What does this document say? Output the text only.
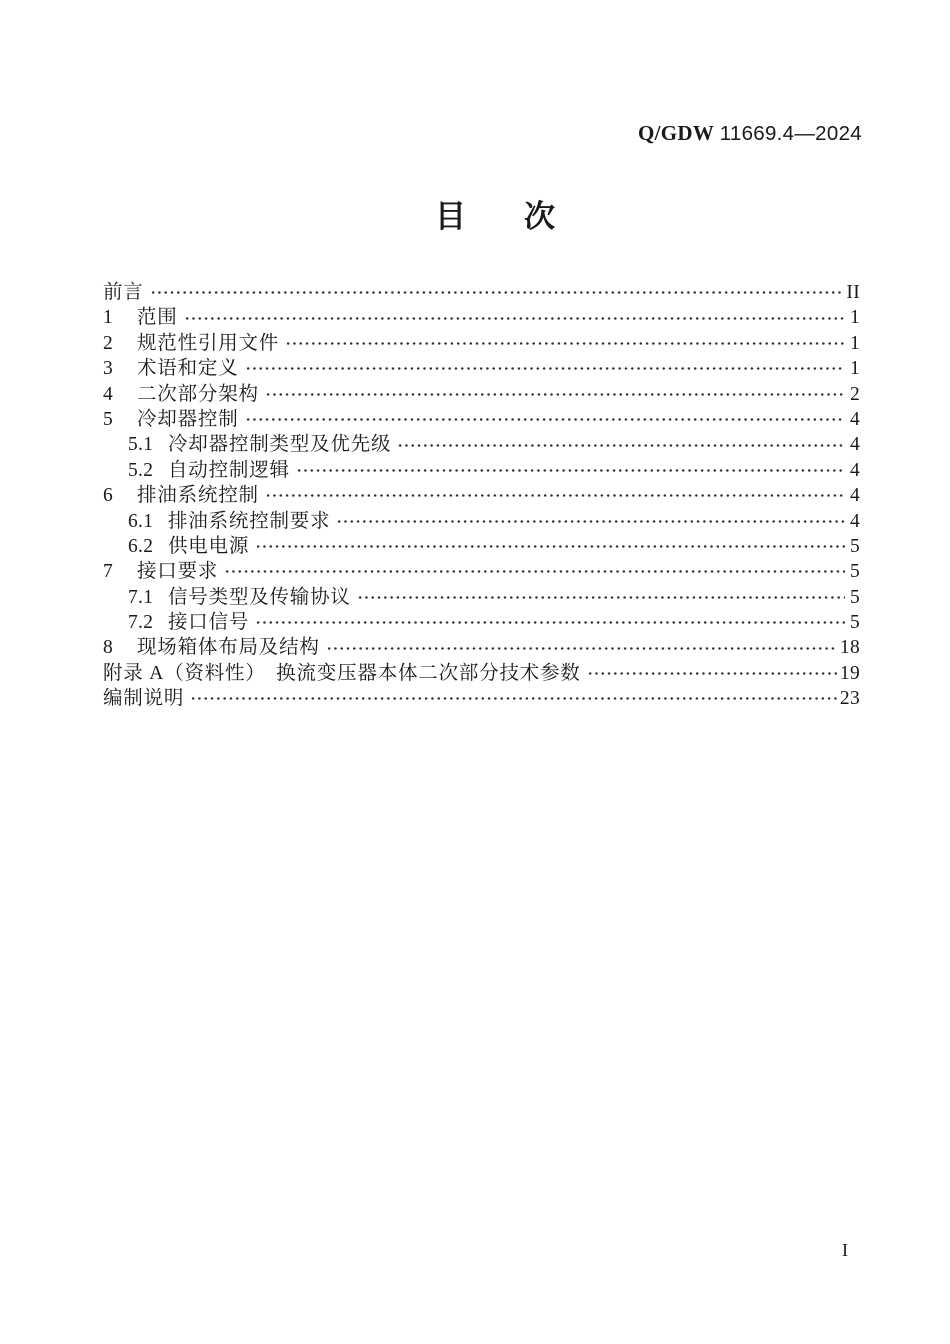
Q/GDW 11669.4—2024
目 次
前言	II
1	范围	1
2	规范性引用文件	1
3	术语和定义	1
4	二次部分架构	2
5	冷却器控制	4
5.1 冷却器控制类型及优先级	4
5.2 自动控制逻辑	4
6	排油系统控制	4
6.1 排油系统控制要求	4
6.2 供电电源	5
7	接口要求	5
7.1 信号类型及传输协议	5
7.2 接口信号	5
8	现场箱体布局及结构	18
附录 A（资料性）　换流变压器本体二次部分技术参数	19
编制说明	23
I
